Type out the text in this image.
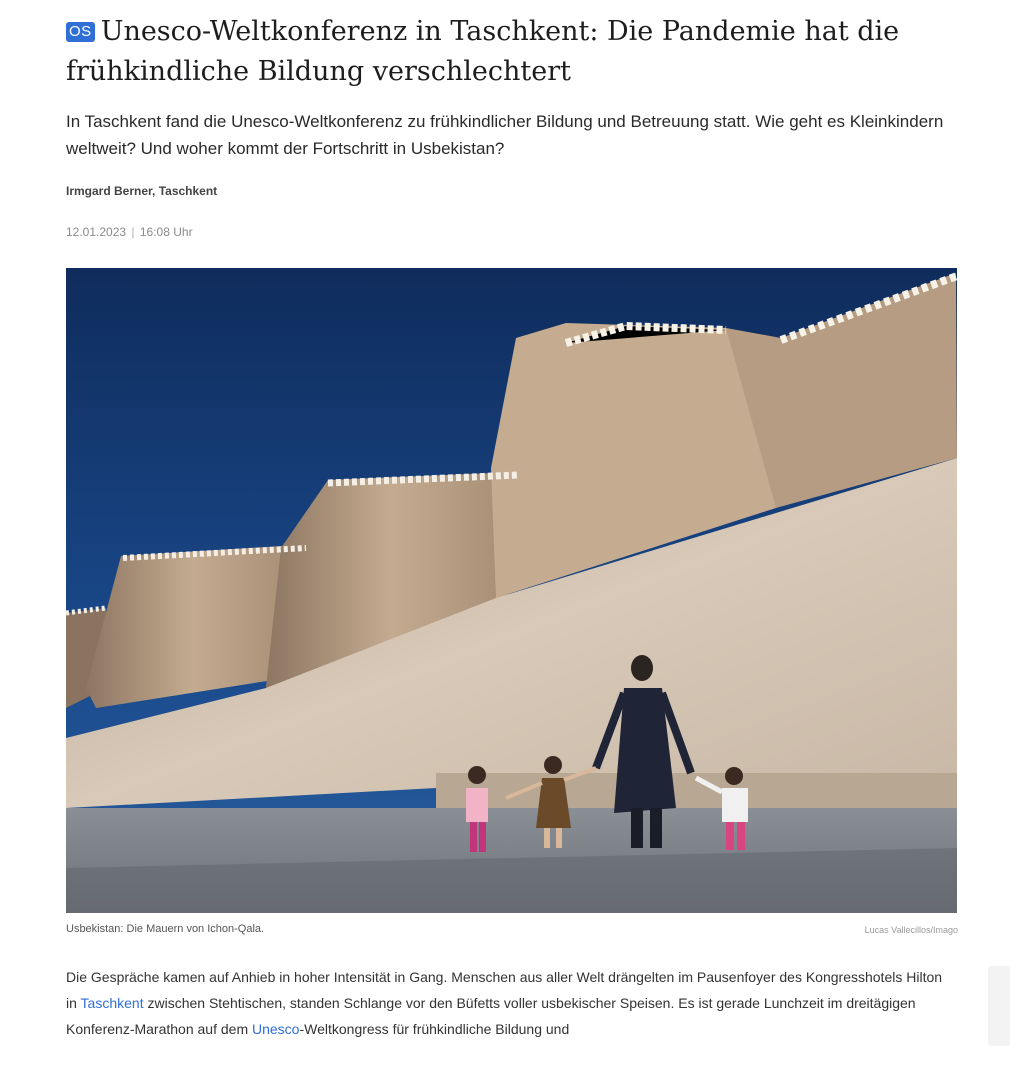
OS Unesco-Weltkonferenz in Taschkent: Die Pandemie hat die frühkindliche Bildung verschlechtert

In Taschkent fand die Unesco-Weltkonferenz zu frühkindlicher Bildung und Betreuung statt. Wie geht es Kleinkindern weltweit? Und woher kommt der Fortschritt in Usbekistan?

Irmgard Berner, Taschkent
12.01.2023 | 16:08 Uhr
Usbekistan: Die Mauern von Ichon-Qala.	Lucas Vallecillos/Imago

Die Gespräche kamen auf Anhieb in hoher Intensität in Gang. Menschen aus aller Welt drängelten im Pausenfoyer des Kongresshotels Hilton in Taschkent zwischen Stehtischen, standen Schlange vor den Büfetts voller usbekischer Speisen. Es ist gerade Lunchzeit im dreitägigen Konferenz-Marathon auf dem Unesco-Weltkongress für frühkindliche Bildung und
